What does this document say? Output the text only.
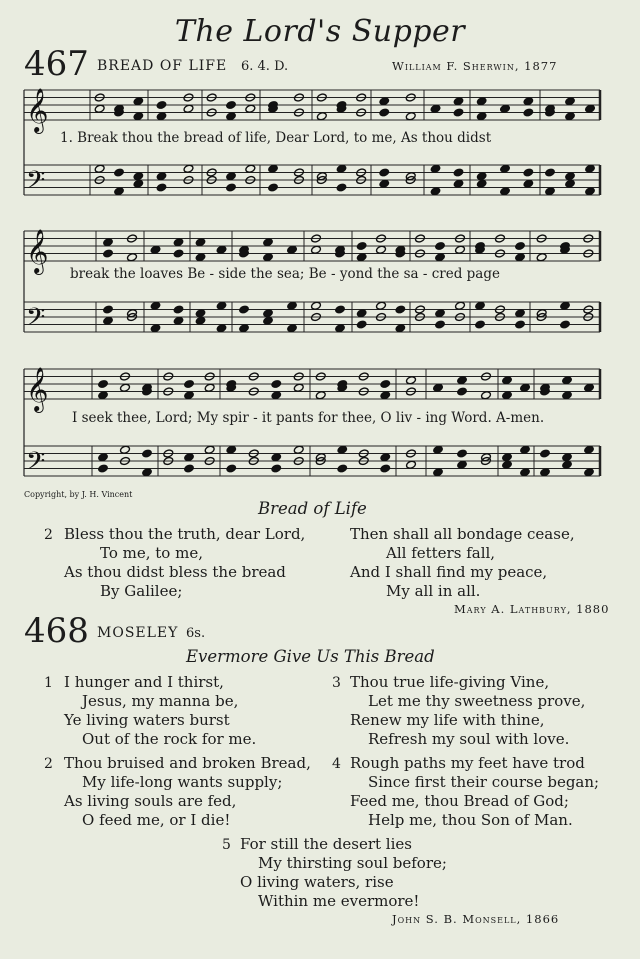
The Lord's Supper
467 BREAD OF LIFE 6. 4. D.	William F. Sherwin, 1877
𝄞
𝄢
𝄞
𝄢
𝄞
𝄢
1. Break thou the bread of life, Dear Lord, to me, As thou didst
break the loaves Be - side the sea; Be - yond the sa - cred page
I seek thee, Lord; My spir - it pants for thee, O liv - ing Word. A-men.
Copyright, by J. H. Vincent
Bread of Life
2 Bless thou the truth, dear Lord,
To me, to me,
As thou didst bless the bread
By Galilee;
Then shall all bondage cease,
All fetters fall,
And I shall find my peace,
My all in all.
Mary A. Lathbury, 1880
468 MOSELEY 6s.
Evermore Give Us This Bread
1 I hunger and I thirst,
Jesus, my manna be,
Ye living waters burst
Out of the rock for me.
2 Thou bruised and broken Bread,
My life-long wants supply;
As living souls are fed,
O feed me, or I die!
3 Thou true life-giving Vine,
Let me thy sweetness prove,
Renew my life with thine,
Refresh my soul with love.
4 Rough paths my feet have trod
Since first their course began;
Feed me, thou Bread of God;
Help me, thou Son of Man.
5 For still the desert lies
My thirsting soul before;
O living waters, rise
Within me evermore!
John S. B. Monsell, 1866
